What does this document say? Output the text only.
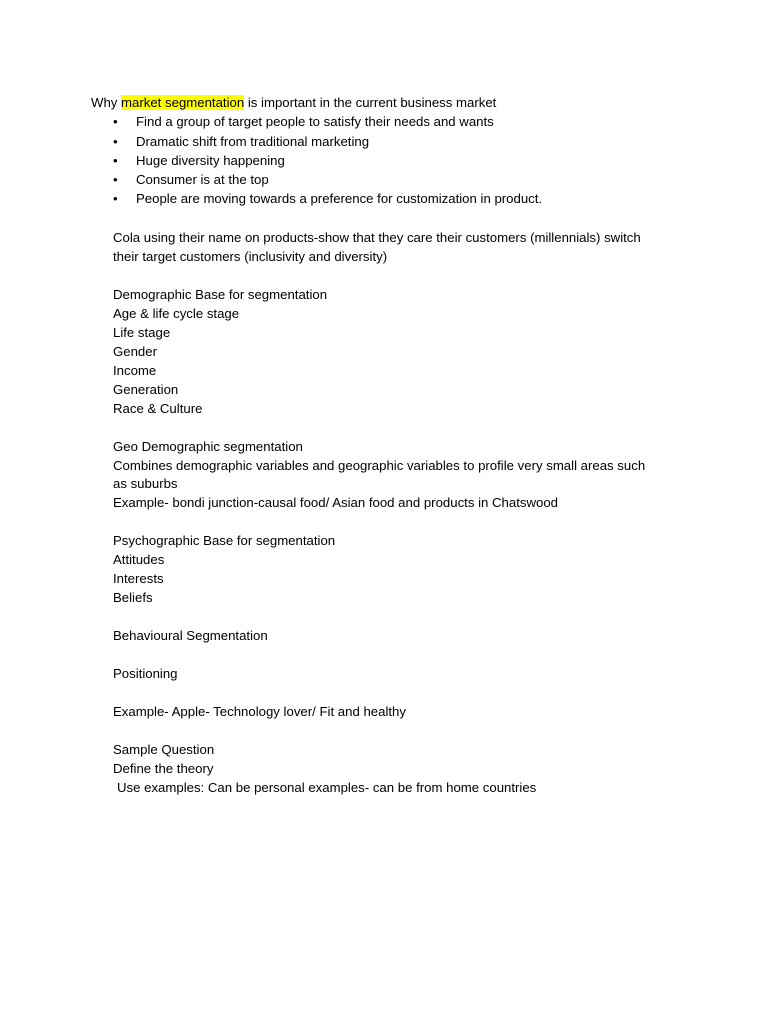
Why market segmentation is important in the current business market
•	Find a group of target people to satisfy their needs and wants
•	Dramatic shift from traditional marketing
•	Huge diversity happening
•	Consumer is at the top
•	People are moving towards a preference for customization in product.
Cola using their name on products-show that they care their customers (millennials) switch
their target customers (inclusivity and diversity)
Demographic Base for segmentation
Age & life cycle stage
Life stage
Gender
Income
Generation
Race & Culture
Geo Demographic segmentation
Combines demographic variables and geographic variables to profile very small areas such
as suburbs
Example- bondi junction-causal food/ Asian food and products in Chatswood
Psychographic Base for segmentation
Attitudes
Interests
Beliefs
Behavioural Segmentation
Positioning
Example- Apple- Technology lover/ Fit and healthy
Sample Question
Define the theory
Use examples: Can be personal examples- can be from home countries
